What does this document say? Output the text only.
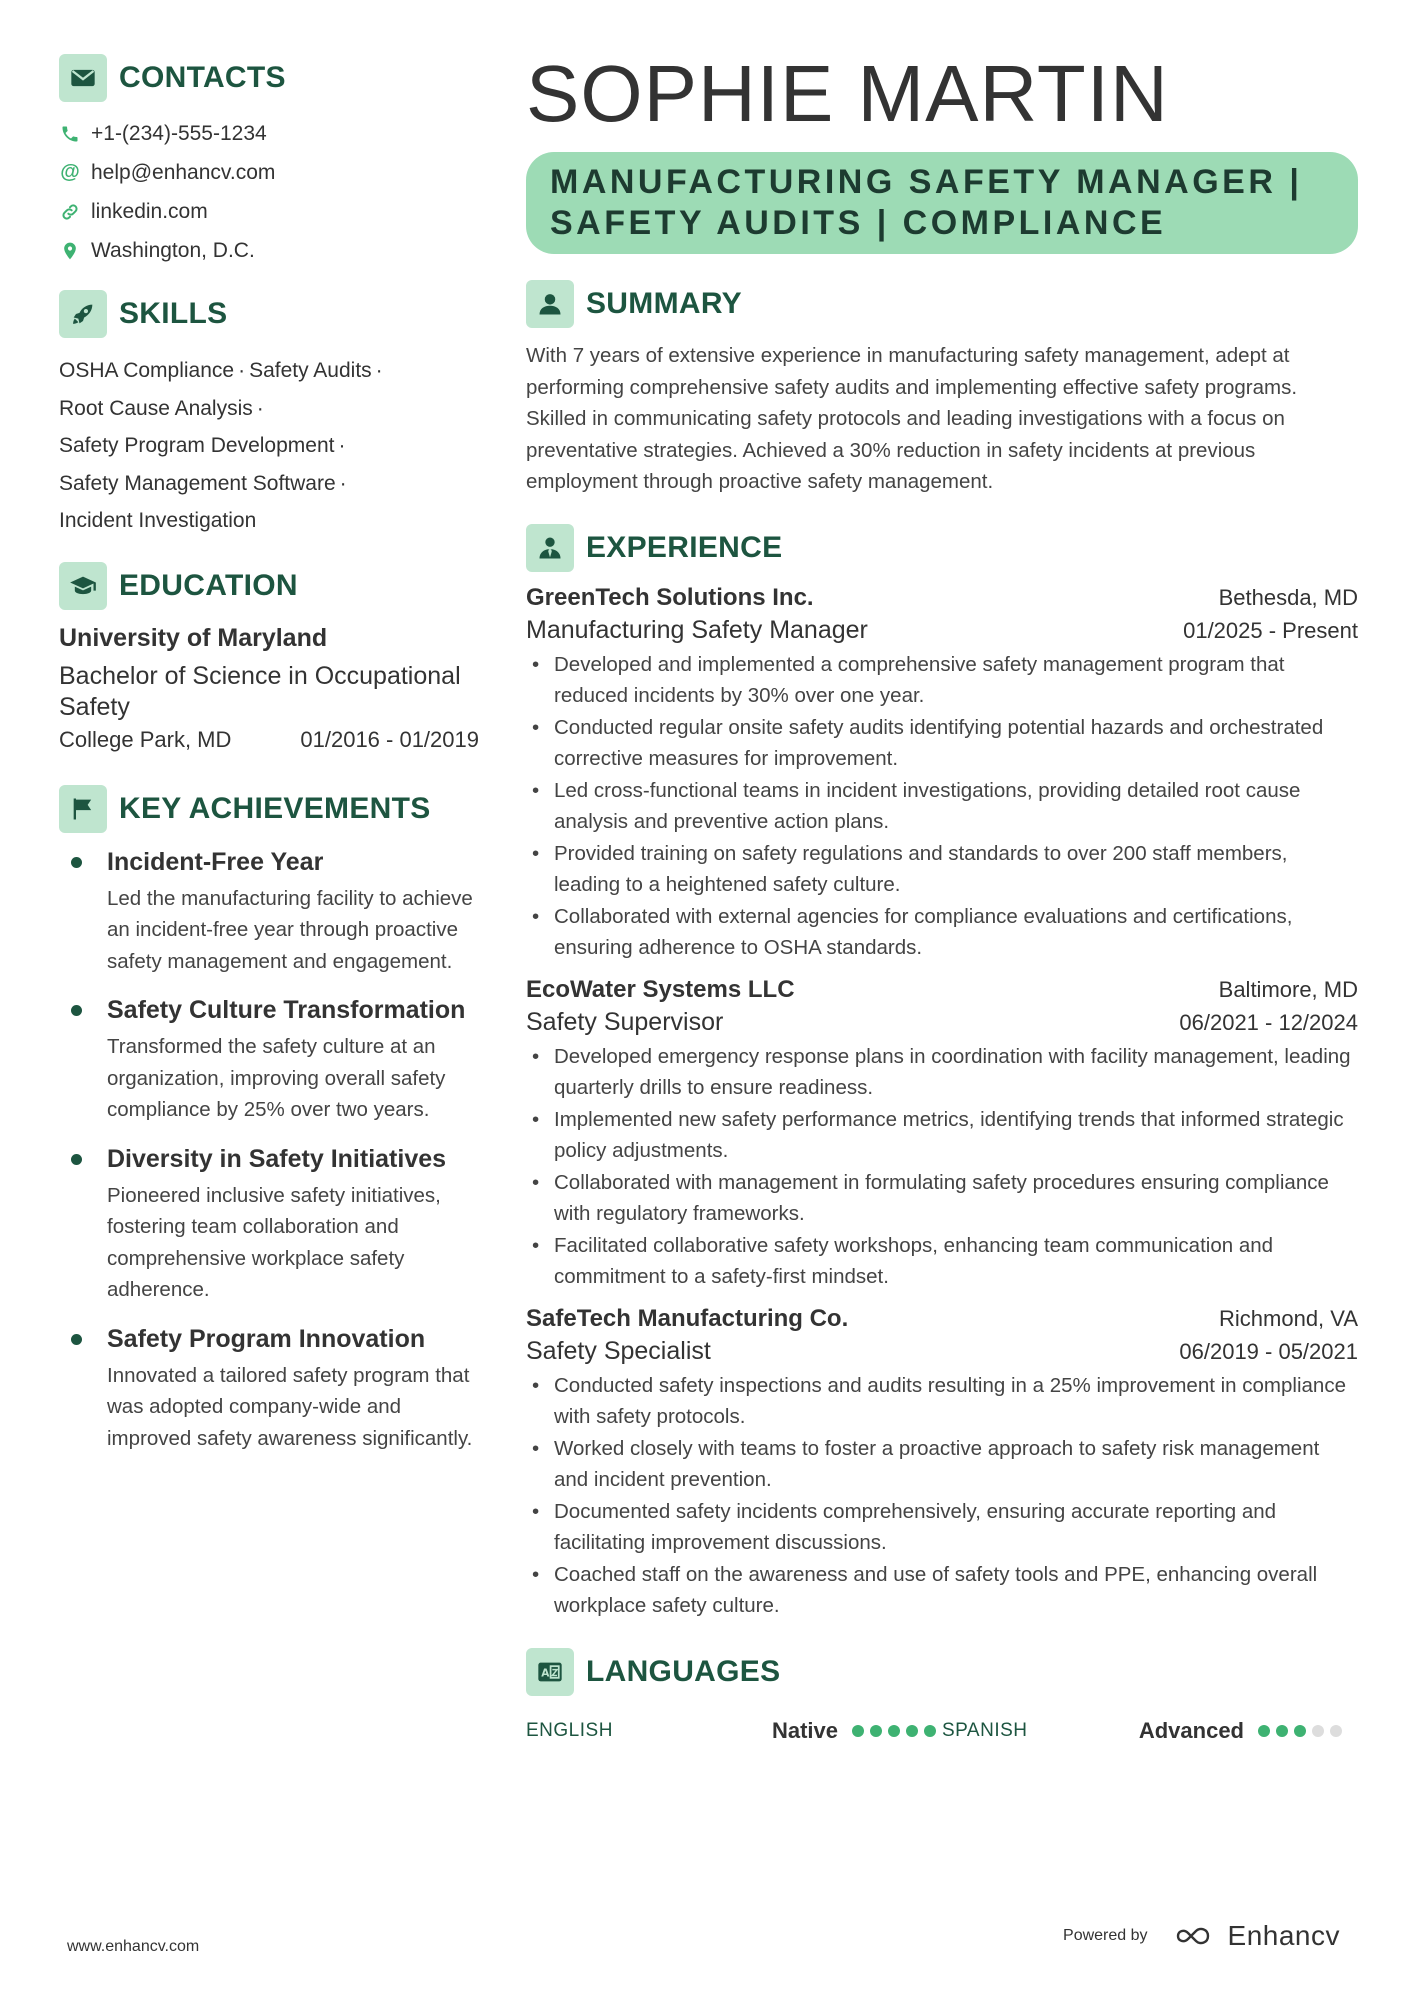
CONTACTS
+1-(234)-555-1234
@ help@enhancv.com
linkedin.com
Washington, D.C.
SKILLS
OSHA Compliance · Safety Audits ·
Root Cause Analysis ·
Safety Program Development ·
Safety Management Software ·
Incident Investigation
EDUCATION
University of Maryland
Bachelor of Science in Occupational Safety
College Park, MD	01/2016 - 01/2019
KEY ACHIEVEMENTS
Incident-Free Year
Led the manufacturing facility to achieve an incident-free year through proactive safety management and engagement.
Safety Culture Transformation
Transformed the safety culture at an organization, improving overall safety compliance by 25% over two years.
Diversity in Safety Initiatives
Pioneered inclusive safety initiatives, fostering team collaboration and comprehensive workplace safety adherence.
Safety Program Innovation
Innovated a tailored safety program that was adopted company-wide and improved safety awareness significantly.
SOPHIE MARTIN
MANUFACTURING SAFETY MANAGER | SAFETY AUDITS | COMPLIANCE
SUMMARY
With 7 years of extensive experience in manufacturing safety management, adept at performing comprehensive safety audits and implementing effective safety programs. Skilled in communicating safety protocols and leading investigations with a focus on preventative strategies. Achieved a 30% reduction in safety incidents at previous employment through proactive safety management.
EXPERIENCE
GreenTech Solutions Inc.	Bethesda, MD
Manufacturing Safety Manager	01/2025 - Present
• Developed and implemented a comprehensive safety management program that reduced incidents by 30% over one year.
• Conducted regular onsite safety audits identifying potential hazards and orchestrated corrective measures for improvement.
• Led cross-functional teams in incident investigations, providing detailed root cause analysis and preventive action plans.
• Provided training on safety regulations and standards to over 200 staff members, leading to a heightened safety culture.
• Collaborated with external agencies for compliance evaluations and certifications, ensuring adherence to OSHA standards.
EcoWater Systems LLC	Baltimore, MD
Safety Supervisor	06/2021 - 12/2024
• Developed emergency response plans in coordination with facility management, leading quarterly drills to ensure readiness.
• Implemented new safety performance metrics, identifying trends that informed strategic policy adjustments.
• Collaborated with management in formulating safety procedures ensuring compliance with regulatory frameworks.
• Facilitated collaborative safety workshops, enhancing team communication and commitment to a safety-first mindset.
SafeTech Manufacturing Co.	Richmond, VA
Safety Specialist	06/2019 - 05/2021
• Conducted safety inspections and audits resulting in a 25% improvement in compliance with safety protocols.
• Worked closely with teams to foster a proactive approach to safety risk management and incident prevention.
• Documented safety incidents comprehensively, ensuring accurate reporting and facilitating improvement discussions.
• Coached staff on the awareness and use of safety tools and PPE, enhancing overall workplace safety culture.
A LANGUAGES
ENGLISH	Native	SPANISH	Advanced
www.enhancv.com
Powered by	Enhancv
